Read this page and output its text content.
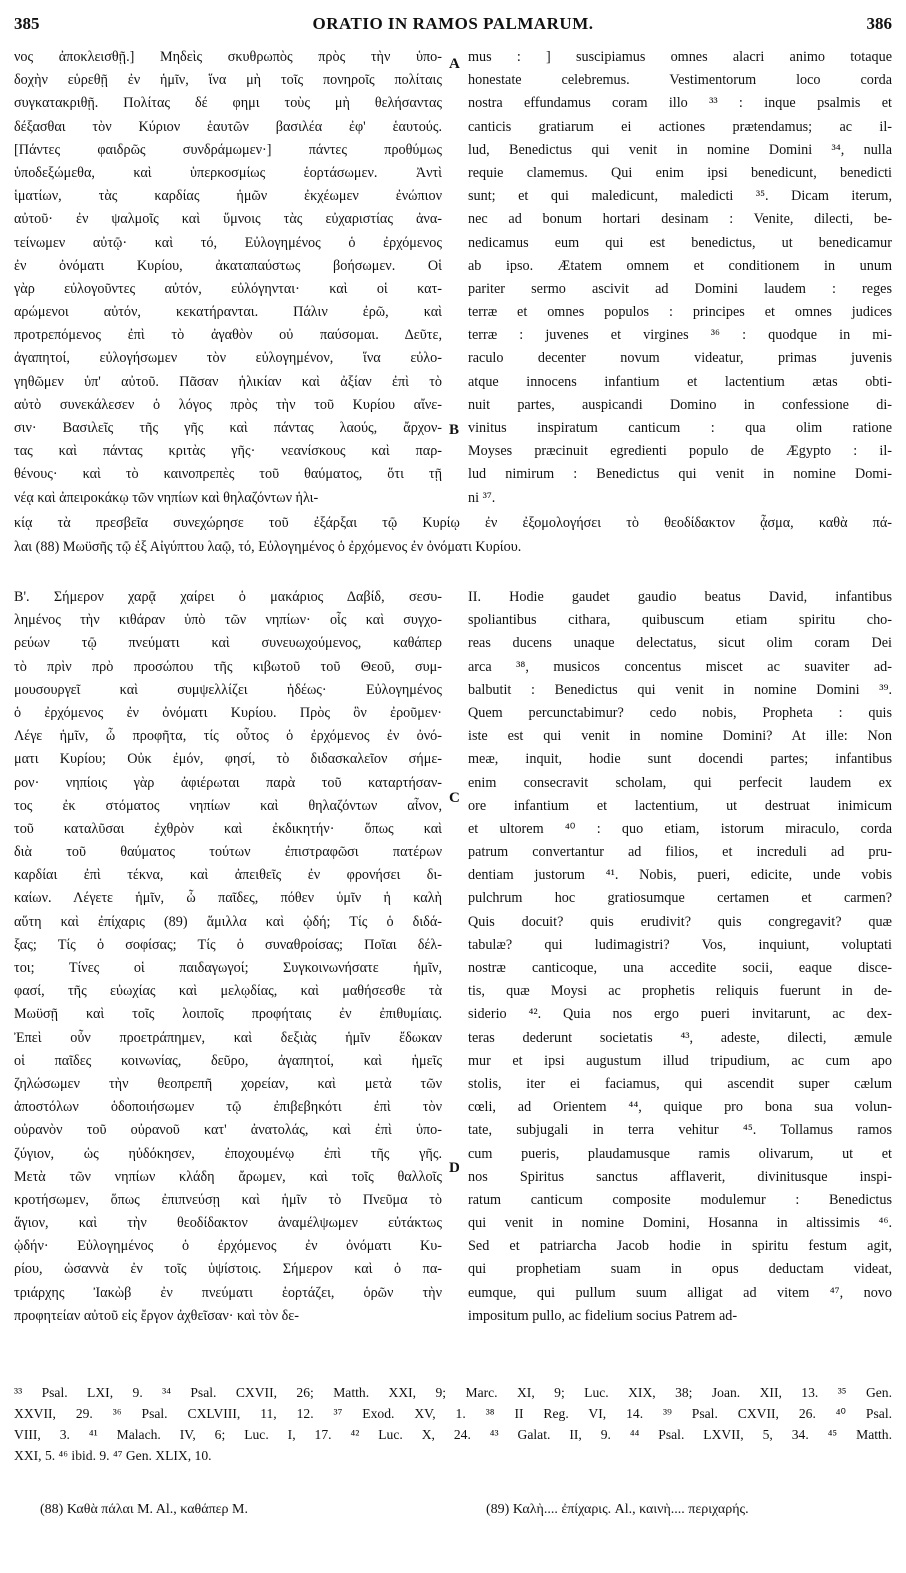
385	ORATIO IN RAMOS PALMARUM.	386
νος ἀποκλεισθῇ.] Μηδεὶς σκυθρωπὸς πρὸς τὴν ὑπο-
δοχὴν εὑρεθῇ ἐν ἡμῖν, ἵνα μὴ τοῖς πονηροῖς πολίταις
συγκατακριθῇ. Πολίτας δέ φημι τοὺς μὴ θελήσαντας
δέξασθαι τὸν Κύριον ἑαυτῶν βασιλέα ἐφ' ἑαυτούς.
[Πάντες φαιδρῶς συνδράμωμεν·] πάντες προθύμως
ὑποδεξώμεθα, καὶ ὑπερκοσμίως ἑορτάσωμεν. Ἀντὶ
ἱματίων, τὰς καρδίας ἡμῶν ἐκχέωμεν ἐνώπιον
αὐτοῦ· ἐν ψαλμοῖς καὶ ὕμνοις τὰς εὐχαριστίας ἀνα-
τείνωμεν αὐτῷ· καὶ τό, Εὐλογημένος ὁ ἐρχόμενος
ἐν ὀνόματι Κυρίου, ἀκαταπαύστως βοήσωμεν. Οἱ
γὰρ εὐλογοῦντες αὐτόν, εὐλόγηνται· καὶ οἱ κατ-
αρώμενοι αὐτόν, κεκατήρανται. Πάλιν ἐρῶ, καὶ
προτρεπόμενος ἐπὶ τὸ ἀγαθὸν οὐ παύσομαι. Δεῦτε,
ἀγαπητοί, εὐλογήσωμεν τὸν εὐλογημένον, ἵνα εὐλο-
γηθῶμεν ὑπ' αὐτοῦ. Πᾶσαν ἡλικίαν καὶ ἀξίαν ἐπὶ τὸ
αὐτὸ συνεκάλεσεν ὁ λόγος πρὸς τὴν τοῦ Κυρίου αἴνε-
σιν· Βασιλεῖς τῆς γῆς καὶ πάντας λαούς, ἄρχον-
τας καὶ πάντας κριτὰς γῆς· νεανίσκους καὶ παρ-
θένους· καὶ τὸ καινοπρεπὲς τοῦ θαύματος, ὅτι τῇ
νέᾳ καὶ ἀπειροκάκῳ τῶν νηπίων καὶ θηλαζόντων ἡλι-
mus : ] suscipiamus omnes alacri animo totaque
honestate celebremus. Vestimentorum loco corda
nostra effundamus coram illo ³³ : inque psalmis et
canticis gratiarum ei actiones prætendamus; ac il-
lud, Benedictus qui venit in nomine Domini ³⁴, nulla
requie clamemus. Qui enim ipsi benedicunt, benedicti
sunt; et qui maledicunt, maledicti ³⁵. Dicam iterum,
nec ad bonum hortari desinam : Venite, dilecti, be-
nedicamus eum qui est benedictus, ut benedicamur
ab ipso. Ætatem omnem et conditionem in unum
pariter sermo ascivit ad Domini laudem : reges
terræ et omnes populos : principes et omnes judices
terræ : juvenes et virgines ³⁶ : quodque in mi-
raculo decenter novum videatur, primas juvenis
atque innocens infantium et lactentium ætas obti-
nuit partes, auspicandi Domino in confessione di-
vinitus inspiratum canticum : qua olim ratione
Moyses præcinuit egredienti populo de Ægypto : il-
lud nimirum : Benedictus qui venit in nomine Domi-
ni ³⁷.
A
B
κίᾳ τὰ πρεσβεῖα συνεχώρησε τοῦ ἐξάρξαι τῷ Κυρίῳ ἐν ἐξομολογήσει τὸ θεοδίδακτον ᾆσμα, καθὰ πά-
λαι (88) Μωϋσῆς τῷ ἐξ Αἰγύπτου λαῷ, τό, Εὐλογημένος ὁ ἐρχόμενος ἐν ὀνόματι Κυρίου.
Β'. Σήμερον χαρᾷ χαίρει ὁ μακάριος Δαβίδ, σεσυ-
λημένος τὴν κιθάραν ὑπὸ τῶν νηπίων· οἷς καὶ συγχο-
ρεύων τῷ πνεύματι καὶ συνευωχούμενος, καθάπερ
τὸ πρὶν πρὸ προσώπου τῆς κιβωτοῦ τοῦ Θεοῦ, συμ-
μουσουργεῖ καὶ συμψελλίζει ἡδέως· Εὐλογημένος
ὁ ἐρχόμενος ἐν ὀνόματι Κυρίου. Πρὸς ὃν ἐροῦμεν·
Λέγε ἡμῖν, ὦ προφῆτα, τίς οὗτος ὁ ἐρχόμενος ἐν ὀνό-
ματι Κυρίου; Οὐκ ἐμόν, φησί, τὸ διδασκαλεῖον σήμε-
ρον· νηπίοις γὰρ ἀφιέρωται παρὰ τοῦ καταρτήσαν-
τος ἐκ στόματος νηπίων καὶ θηλαζόντων αἶνον,
τοῦ καταλῦσαι ἐχθρὸν καὶ ἐκδικητήν· ὅπως καὶ
διὰ τοῦ θαύματος τούτων ἐπιστραφῶσι πατέρων
καρδίαι ἐπὶ τέκνα, καὶ ἀπειθεῖς ἐν φρονήσει δι-
καίων. Λέγετε ἡμῖν, ὦ παῖδες, πόθεν ὑμῖν ἡ καλὴ
αὕτη καὶ ἐπίχαρις (89) ἅμιλλα καὶ ᾠδή; Τίς ὁ διδά-
ξας; Τίς ὁ σοφίσας; Τίς ὁ συναθροίσας; Ποῖαι δέλ-
τοι; Τίνες οἱ παιδαγωγοί; Συγκοινωνήσατε ἡμῖν,
φασί, τῆς εὐωχίας καὶ μελῳδίας, καὶ μαθήσεσθε τὰ
Μωϋσῇ καὶ τοῖς λοιποῖς προφήταις ἐν ἐπιθυμίαις.
Ἐπεὶ οὖν προετράπημεν, καὶ δεξιὰς ἡμῖν ἔδωκαν
οἱ παῖδες κοινωνίας, δεῦρο, ἀγαπητοί, καὶ ἡμεῖς
ζηλώσωμεν τὴν θεοπρεπῆ χορείαν, καὶ μετὰ τῶν
ἀποστόλων ὁδοποιήσωμεν τῷ ἐπιβεβηκότι ἐπὶ τὸν
οὐρανὸν τοῦ οὐρανοῦ κατ' ἀνατολάς, καὶ ἐπὶ ὑπο-
ζύγιον, ὡς ηὐδόκησεν, ἐποχουμένῳ ἐπὶ τῆς γῆς.
Μετὰ τῶν νηπίων κλάδη ἄρωμεν, καὶ τοῖς θαλλοῖς
κροτήσωμεν, ὅπως ἐπιπνεύσῃ καὶ ἡμῖν τὸ Πνεῦμα τὸ
ἅγιον, καὶ τὴν θεοδίδακτον ἀναμέλψωμεν εὐτάκτως
ᾠδήν· Εὐλογημένος ὁ ἐρχόμενος ἐν ὀνόματι Κυ-
ρίου, ὡσαννὰ ἐν τοῖς ὑψίστοις. Σήμερον καὶ ὁ πα-
τριάρχης Ἰακὼβ ἐν πνεύματι ἑορτάζει, ὁρῶν τὴν
προφητείαν αὐτοῦ εἰς ἔργον ἀχθεῖσαν· καὶ τὸν δε-
II. Hodie gaudet gaudio beatus David, infantibus
spoliantibus cithara, quibuscum etiam spiritu cho-
reas ducens unaque delectatus, sicut olim coram Dei
arca ³⁸, musicos concentus miscet ac suaviter ad-
balbutit : Benedictus qui venit in nomine Domini ³⁹.
Quem percunctabimur? cedo nobis, Propheta : quis
iste est qui venit in nomine Domini? At ille: Non
meæ, inquit, hodie sunt docendi partes; infantibus
enim consecravit scholam, qui perfecit laudem ex
ore infantium et lactentium, ut destruat inimicum
et ultorem ⁴⁰ : quo etiam, istorum miraculo, corda
patrum convertantur ad filios, et increduli ad pru-
dentiam justorum ⁴¹. Nobis, pueri, edicite, unde vobis
pulchrum hoc gratiosumque certamen et carmen?
Quis docuit? quis erudivit? quis congregavit? quæ
tabulæ? qui ludimagistri? Vos, inquiunt, voluptati
nostræ canticoque, una accedite socii, eaque disce-
tis, quæ Moysi ac prophetis reliquis fuerunt in de-
siderio ⁴². Quia nos ergo pueri invitarunt, ac dex-
teras dederunt societatis ⁴³, adeste, dilecti, æmule
mur et ipsi augustum illud tripudium, ac cum apo
stolis, iter ei faciamus, qui ascendit super cælum
cœli, ad Orientem ⁴⁴, quique pro bona sua volun-
tate, subjugali in terra vehitur ⁴⁵. Tollamus ramos
cum pueris, plaudamusque ramis olivarum, ut et
nos Spiritus sanctus afflaverit, divinitusque inspi-
ratum canticum composite modulemur : Benedictus
qui venit in nomine Domini, Hosanna in altissimis ⁴⁶.
Sed et patriarcha Jacob hodie in spiritu festum agit,
qui prophetiam suam in opus deductam videat,
eumque, qui pullum suum alligat ad vitem ⁴⁷, novo
impositum pullo, ac fidelium socius Patrem ad-
C
D
³³ Psal. LXI, 9. ³⁴ Psal. CXVII, 26; Matth. XXI, 9; Marc. XI, 9; Luc. XIX, 38; Joan. XII, 13. ³⁵ Gen.
XXVII, 29. ³⁶ Psal. CXLVIII, 11, 12. ³⁷ Exod. XV, 1. ³⁸ II Reg. VI, 14. ³⁹ Psal. CXVII, 26. ⁴⁰ Psal.
VIII, 3. ⁴¹ Malach. IV, 6; Luc. I, 17. ⁴² Luc. X, 24. ⁴³ Galat. II, 9. ⁴⁴ Psal. LXVII, 5, 34. ⁴⁵ Matth.
XXI, 5. ⁴⁶ ibid. 9. ⁴⁷ Gen. XLIX, 10.
(88) Καθὰ πάλαι M. Al., καθάπερ M.	(89) Καλὴ.... ἐπίχαρις. Al., καινὴ.... περιχαρής.
